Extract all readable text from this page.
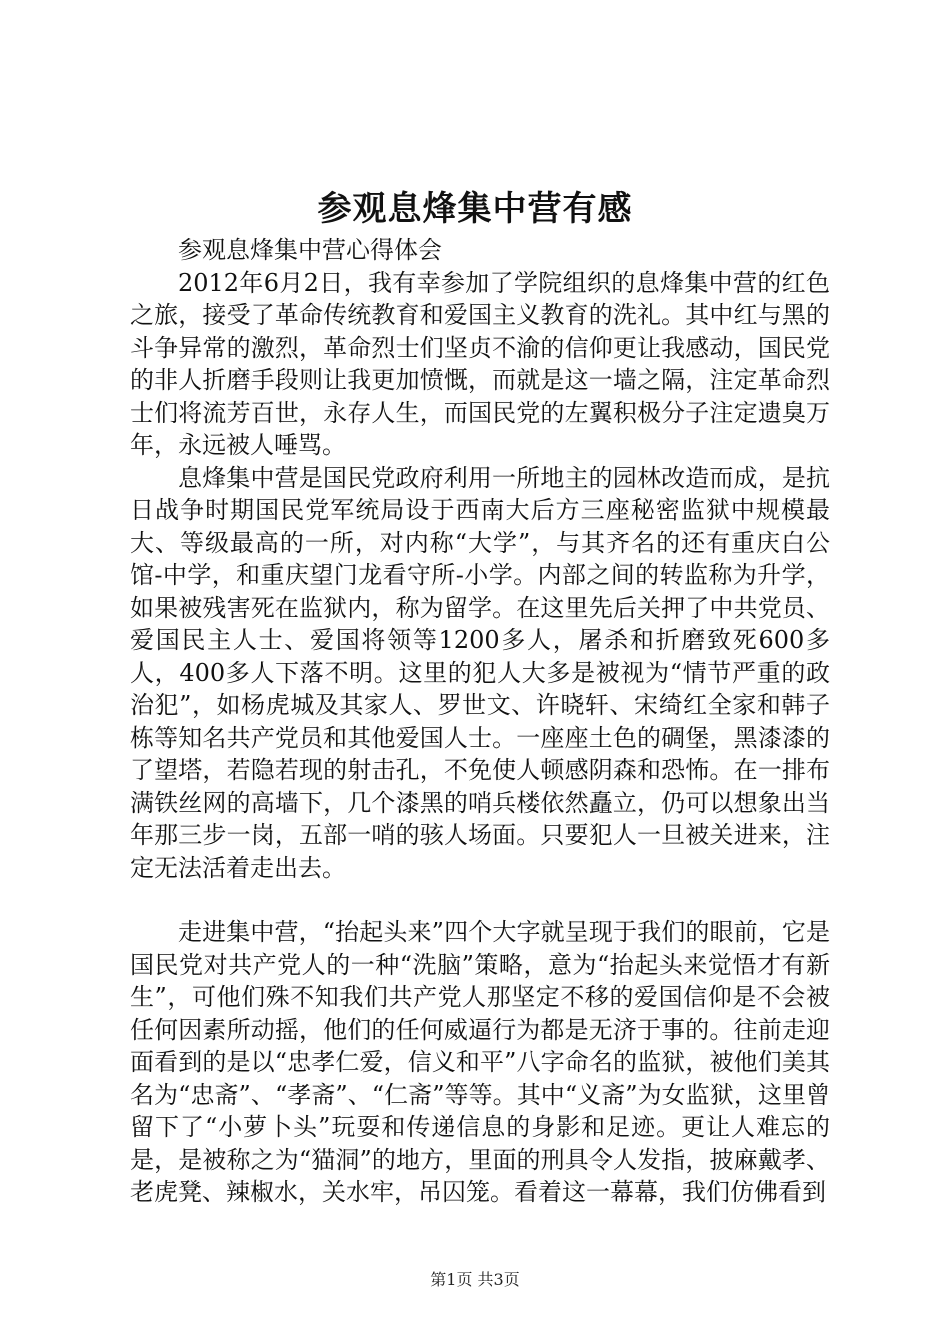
参观息烽集中营有感

参观息烽集中营心得体会

2012年6月2日，我有幸参加了学院组织的息烽集中营的红色之旅，接受了革命传统教育和爱国主义教育的洗礼。其中红与黑的斗争异常的激烈，革命烈士们坚贞不渝的信仰更让我感动，国民党的非人折磨手段则让我更加愤慨，而就是这一墙之隔，注定革命烈士们将流芳百世，永存人生，而国民党的左翼积极分子注定遗臭万年，永远被人唾骂。

息烽集中营是国民党政府利用一所地主的园林改造而成，是抗日战争时期国民党军统局设于西南大后方三座秘密监狱中规模最大、等级最高的一所，对内称“大学”，与其齐名的还有重庆白公馆-中学，和重庆望门龙看守所-小学。内部之间的转监称为升学，如果被残害死在监狱内，称为留学。在这里先后关押了中共党员、爱国民主人士、爱国将领等1200多人，屠杀和折磨致死600多人，400多人下落不明。这里的犯人大多是被视为“情节严重的政治犯”，如杨虎城及其家人、罗世文、许晓轩、宋绮红全家和韩子栋等知名共产党员和其他爱国人士。一座座土色的碉堡，黑漆漆的了望塔，若隐若现的射击孔，不免使人顿感阴森和恐怖。在一排布满铁丝网的高墙下，几个漆黑的哨兵楼依然矗立，仍可以想象出当年那三步一岗，五部一哨的骇人场面。只要犯人一旦被关进来，注定无法活着走出去。

走进集中营，“抬起头来”四个大字就呈现于我们的眼前，它是国民党对共产党人的一种“洗脑”策略，意为“抬起头来觉悟才有新生”，可他们殊不知我们共产党人那坚定不移的爱国信仰是不会被任何因素所动摇，他们的任何威逼行为都是无济于事的。往前走迎面看到的是以“忠孝仁爱，信义和平”八字命名的监狱，被他们美其名为“忠斋”、“孝斋”、“仁斋”等等。其中“义斋”为女监狱，这里曾留下了“小萝卜头”玩耍和传递信息的身影和足迹。更让人难忘的是，是被称之为“猫洞”的地方，里面的刑具令人发指，披麻戴孝、老虎凳、辣椒水，关水牢，吊囚笼。看着这一幕幕，我们仿佛看到

第1页 共3页
